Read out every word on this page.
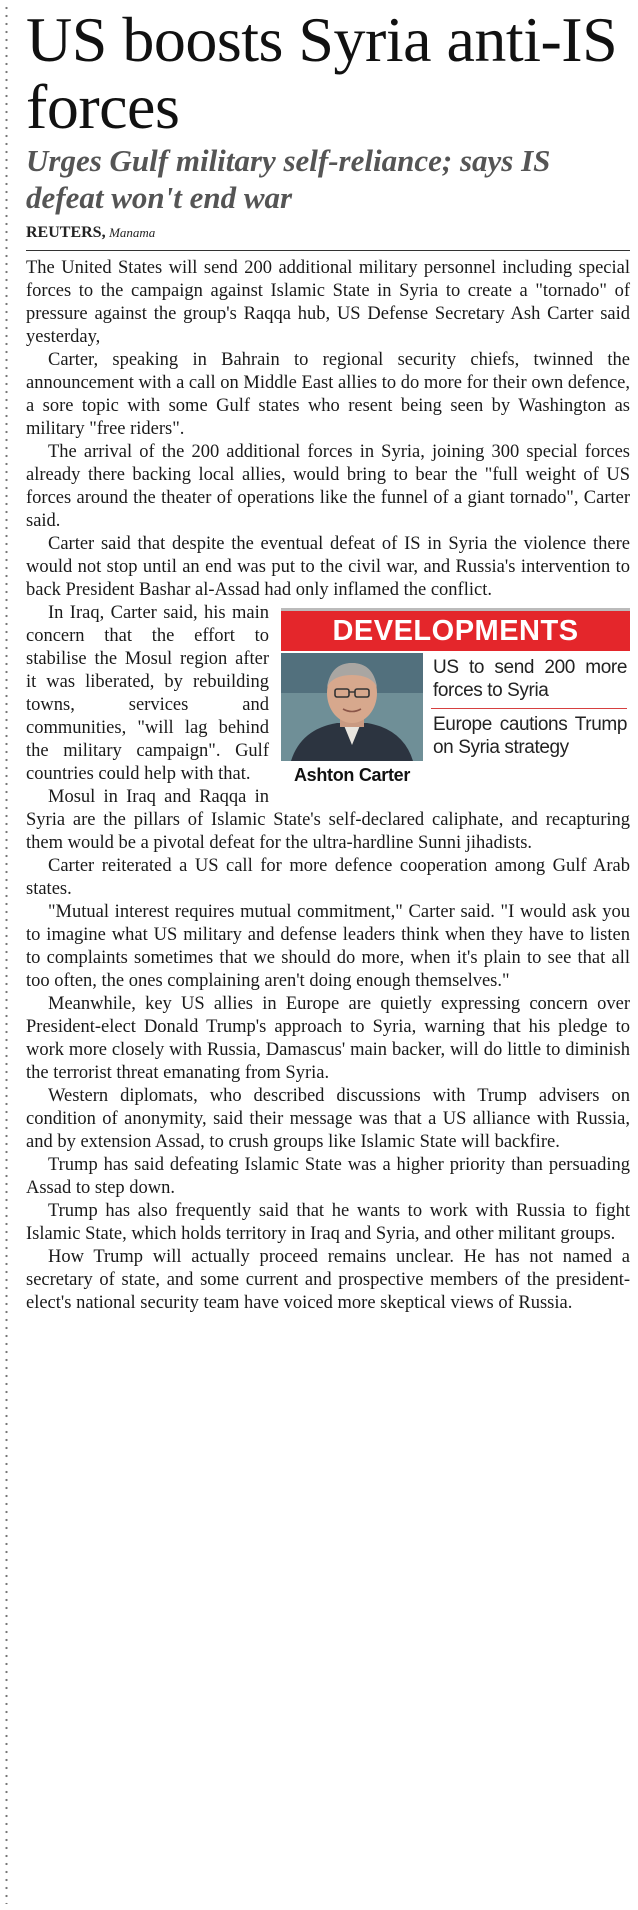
US boosts Syria anti-IS forces
Urges Gulf military self-reliance; says IS defeat won't end war
REUTERS, Manama

The United States will send 200 additional military personnel including special forces to the campaign against Islamic State in Syria to create a "tornado" of pressure against the group's Raqqa hub, US Defense Secretary Ash Carter said yesterday,

Carter, speaking in Bahrain to regional security chiefs, twinned the announcement with a call on Middle East allies to do more for their own defence, a sore topic with some Gulf states who resent being seen by Washington as military "free riders".

The arrival of the 200 additional forces in Syria, joining 300 special forces already there backing local allies, would bring to bear the "full weight of US forces around the theater of operations like the funnel of a giant tornado", Carter said.

Carter said that despite the eventual defeat of IS in Syria the violence there would not stop until an end was put to the civil war, and Russia's intervention to back President Bashar al-Assad had only inflamed the conflict.

DEVELOPMENTS
Ashton Carter
US to send 200 more forces to Syria
Europe cautions Trump on Syria strategy

In Iraq, Carter said, his main concern that the effort to stabilise the Mosul region after it was liberated, by rebuilding towns, services and communities, "will lag behind the military campaign". Gulf countries could help with that.

Mosul in Iraq and Raqqa in Syria are the pillars of Islamic State's self-declared caliphate, and recapturing them would be a pivotal defeat for the ultra-hardline Sunni jihadists.

Carter reiterated a US call for more defence cooperation among Gulf Arab states.

"Mutual interest requires mutual commitment," Carter said. "I would ask you to imagine what US military and defense leaders think when they have to listen to complaints sometimes that we should do more, when it's plain to see that all too often, the ones complaining aren't doing enough themselves."

Meanwhile, key US allies in Europe are quietly expressing concern over President-elect Donald Trump's approach to Syria, warning that his pledge to work more closely with Russia, Damascus' main backer, will do little to diminish the terrorist threat emanating from Syria.

Western diplomats, who described discussions with Trump advisers on condition of anonymity, said their message was that a US alliance with Russia, and by extension Assad, to crush groups like Islamic State will backfire.

Trump has said defeating Islamic State was a higher priority than persuading Assad to step down.

Trump has also frequently said that he wants to work with Russia to fight Islamic State, which holds territory in Iraq and Syria, and other militant groups.

How Trump will actually proceed remains unclear. He has not named a secretary of state, and some current and prospective members of the president-elect's national security team have voiced more skeptical views of Russia.
